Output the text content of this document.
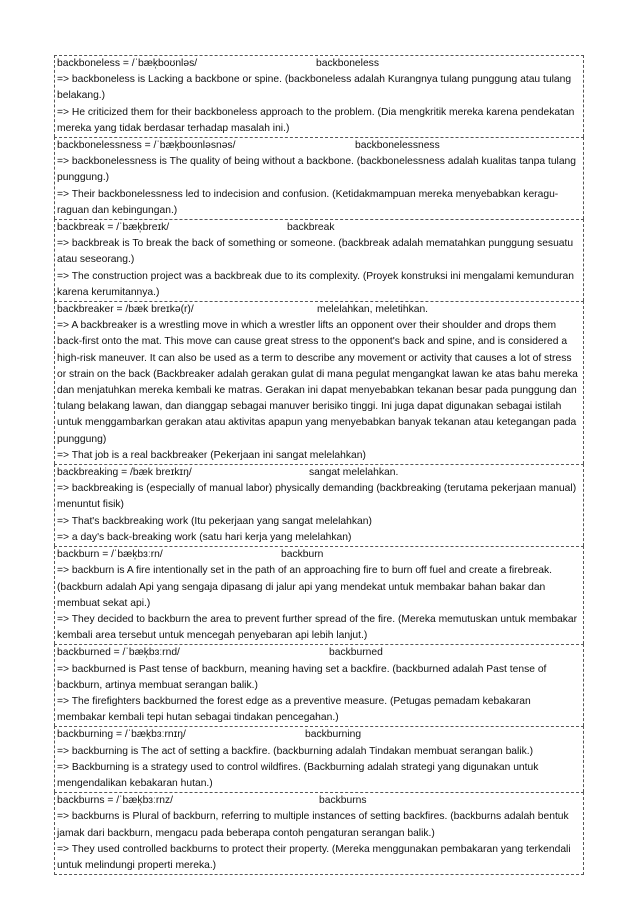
backboneless = /ˈbæk̩boʊnləs/	backboneless
=> backboneless is Lacking a backbone or spine. (backboneless adalah Kurangnya tulang punggung atau tulang belakang.)
=> He criticized them for their backboneless approach to the problem. (Dia mengkritik mereka karena pendekatan mereka yang tidak berdasar terhadap masalah ini.)
backbonelessness = /ˈbæk̩boʊnləsnəs/	backbonelessness
=> backbonelessness is The quality of being without a backbone. (backbonelessness adalah kualitas tanpa tulang punggung.)
=> Their backbonelessness led to indecision and confusion. (Ketidakmampuan mereka menyebabkan keragu-raguan dan kebingungan.)
backbreak = /ˈbæk̩breɪk/	backbreak
=> backbreak is To break the back of something or someone. (backbreak adalah mematahkan punggung sesuatu atau seseorang.)
=> The construction project was a backbreak due to its complexity. (Proyek konstruksi ini mengalami kemunduran karena kerumitannya.)
backbreaker = /bæk breɪkə(r)/	melelahkan, meletihkan.
=> A backbreaker is a wrestling move in which a wrestler lifts an opponent over their shoulder and drops them back-first onto the mat. This move can cause great stress to the opponent's back and spine, and is considered a high-risk maneuver. It can also be used as a term to describe any movement or activity that causes a lot of stress or strain on the back (Backbreaker adalah gerakan gulat di mana pegulat mengangkat lawan ke atas bahu mereka dan menjatuhkan mereka kembali ke matras. Gerakan ini dapat menyebabkan tekanan besar pada punggung dan tulang belakang lawan, dan dianggap sebagai manuver berisiko tinggi. Ini juga dapat digunakan sebagai istilah untuk menggambarkan gerakan atau aktivitas apapun yang menyebabkan banyak tekanan atau ketegangan pada punggung)
=> That job is a real backbreaker (Pekerjaan ini sangat melelahkan)
backbreaking = /bæk breɪkɪŋ/	sangat melelahkan.
=> backbreaking is (especially of manual labor) physically demanding (backbreaking (terutama pekerjaan manual) menuntut fisik)
=> That's backbreaking work (Itu pekerjaan yang sangat melelahkan)
=> a day's back-breaking work (satu hari kerja yang melelahkan)
backburn = /ˈbæk̩bɜːrn/	backburn
=> backburn is A fire intentionally set in the path of an approaching fire to burn off fuel and create a firebreak. (backburn adalah Api yang sengaja dipasang di jalur api yang mendekat untuk membakar bahan bakar dan membuat sekat api.)
=> They decided to backburn the area to prevent further spread of the fire. (Mereka memutuskan untuk membakar kembali area tersebut untuk mencegah penyebaran api lebih lanjut.)
backburned = /ˈbæk̩bɜːrnd/	backburned
=> backburned is Past tense of backburn, meaning having set a backfire. (backburned adalah Past tense of backburn, artinya membuat serangan balik.)
=> The firefighters backburned the forest edge as a preventive measure. (Petugas pemadam kebakaran membakar kembali tepi hutan sebagai tindakan pencegahan.)
backburning = /ˈbæk̩bɜːrnɪŋ/	backburning
=> backburning is The act of setting a backfire. (backburning adalah Tindakan membuat serangan balik.)
=> Backburning is a strategy used to control wildfires. (Backburning adalah strategi yang digunakan untuk mengendalikan kebakaran hutan.)
backburns = /ˈbæk̩bɜːrnz/	backburns
=> backburns is Plural of backburn, referring to multiple instances of setting backfires. (backburns adalah bentuk jamak dari backburn, mengacu pada beberapa contoh pengaturan serangan balik.)
=> They used controlled backburns to protect their property. (Mereka menggunakan pembakaran yang terkendali untuk melindungi properti mereka.)
